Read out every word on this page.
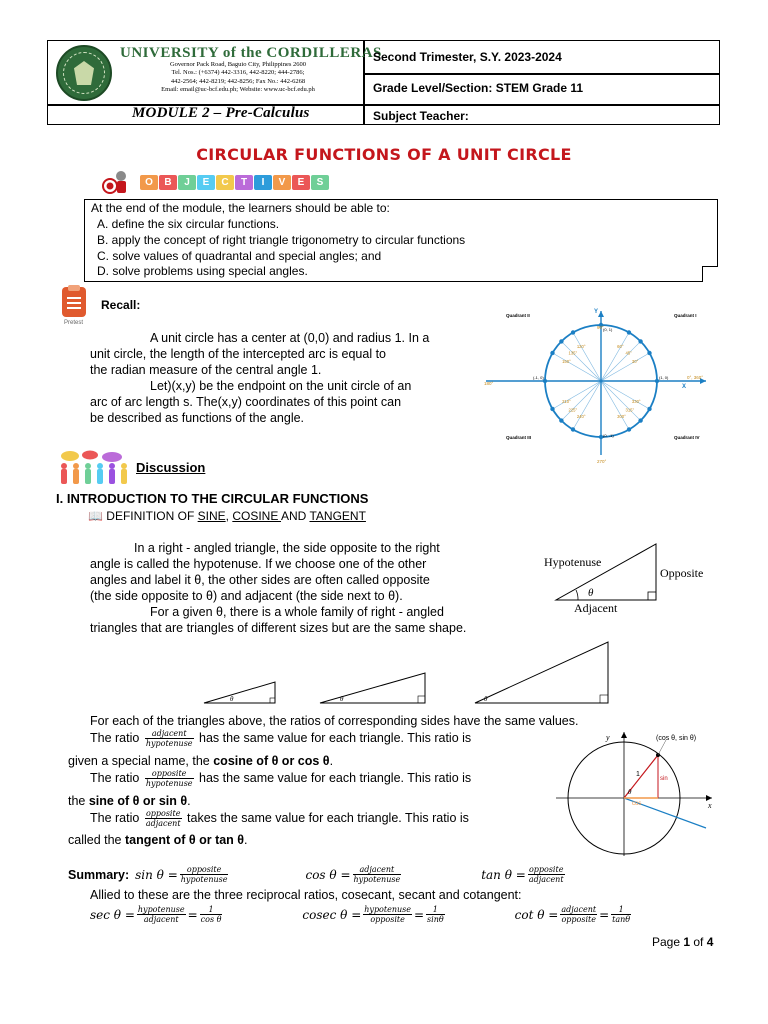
UNIVERSITY of the CORDILLERAS
Governor Pack Road, Baguio City, Philippines 2600
Tel. Nos.: (+6374) 442-3316, 442-8220; 444-2786;
442-2564; 442-8219; 442-8256; Fax No.: 442-6268
Email: email@uc-bcf.edu.ph; Website: www.uc-bcf.edu.ph
MODULE 2 – Pre-Calculus
Second Trimester, S.Y. 2023-2024
Grade Level/Section: STEM Grade 11
Subject Teacher:
CIRCULAR FUNCTIONS OF A UNIT CIRCLE
O	B	J	E	C	T	I	V	E	S

At the end of the module, the learners should be able to:

A. define the six circular functions.

B. apply the concept of right triangle trigonometry to circular functions

C. solve values of quadrantal and special angles; and

D. solve problems using special angles.

Pretest
Recall:
A unit circle has a center at (0,0) and radius 1. In a
unit circle, the length of the intercepted arc is equal to
the radian measure of the central angle 1.
Let)(x,y) be the endpoint on the unit circle of an
arc of arc length s. The(x,y) coordinates of this point can
be described as functions of the angle.
Quadrant II	Quadrant I
Quadrant III	Quadrant IV
Y
X
90°
180°
0°, 360°
270°
(0, 1)
(-1, 0)	(1, 0)
(0, -1)
30°
45°
60°
120°
135°
150°
210°
225°
240°	300°
315°
330°
Discussion
I. INTRODUCTION TO THE CIRCULAR FUNCTIONS
📖 DEFINITION OF SINE, COSINE AND TANGENT
In a right - angled triangle, the side opposite to the right
angle is called the hypotenuse. If we choose one of the other
angles and label it θ, the other sides are often called opposite
(the side opposite to θ) and adjacent (the side next to θ).
For a given θ, there is a whole family of right - angled
triangles that are triangles of different sizes but are the same shape.
Hypotenuse
Opposite
Adjacent
θ
θ	θ	θ
For each of the triangles above, the ratios of corresponding sides have the same values.
The ratio $\frac{\text{adjacent}}{\text{hypotenuse}}$ has the same value for each triangle. This ratio is
given a special name, the cosine of θ or cos θ.
The ratio $\frac{\text{opposite}}{\text{hypotenuse}}$ has the same value for each triangle. This ratio is
the sine of θ or sin θ.
The ratio $\frac{\text{opposite}}{\text{adjacent}}$ takes the same value for each triangle. This ratio is
called the tangent of θ or tan θ.
y
x
(cos θ, sin θ)
1
sin
cos
θ
Summary: $\sin \theta = \frac{\text{opposite}}{\text{hypotenuse}}$	$\cos \theta = \frac{\text{adjacent}}{\text{hypotenuse}}$	$\tan \theta = \frac{\text{opposite}}{\text{adjacent}}$
Allied to these are the three reciprocal ratios, cosecant, secant and cotangent:
$\sec \theta = \frac{\text{hypotenuse}}{\text{adjacent}} = \frac{1}{\text{cos θ}}$	cosec $\theta = \frac{\text{hypotenuse}}{\text{opposite}} = \frac{1}{\sin\theta}$	$\cot \theta = \frac{\text{adjacent}}{\text{opposite}} = \frac{1}{\tan\theta}$
Page 1 of 4
